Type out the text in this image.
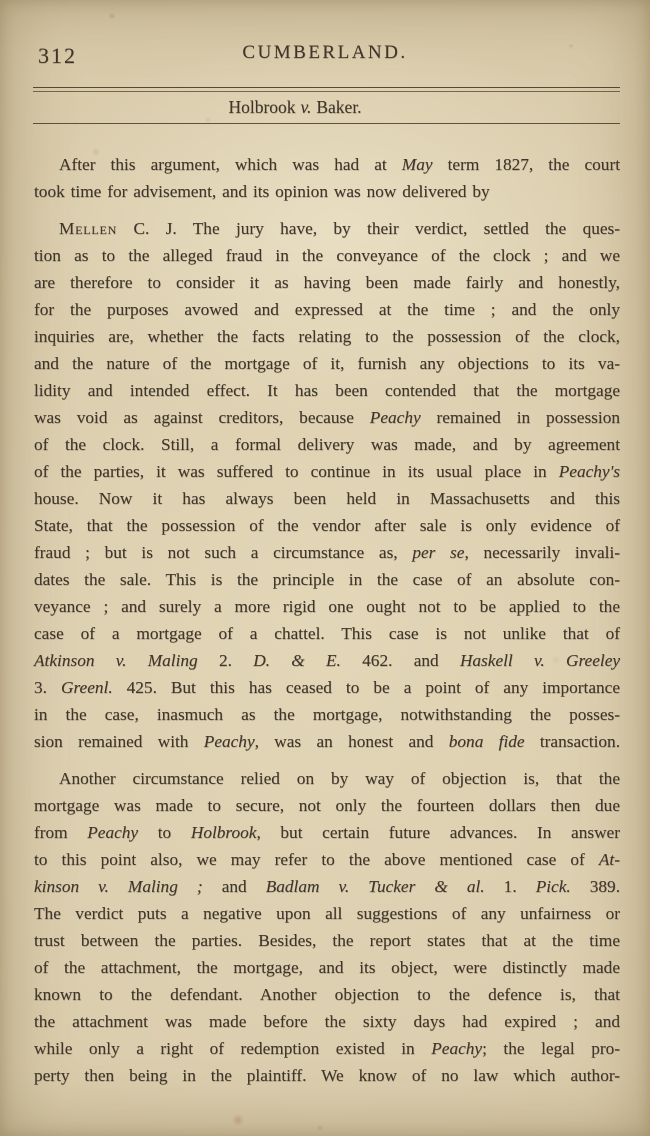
312	CUMBERLAND.
Holbrook v. Baker.
After this argument, which was had at May term 1827, the court
took time for advisement, and its opinion was now delivered by
Mellen C. J. The jury have, by their verdict, settled the ques-
tion as to the alleged fraud in the conveyance of the clock ; and we
are therefore to consider it as having been made fairly and honestly,
for the purposes avowed and expressed at the time ; and the only
inquiries are, whether the facts relating to the possession of the clock,
and the nature of the mortgage of it, furnish any objections to its va-
lidity and intended effect. It has been contended that the mortgage
was void as against creditors, because Peachy remained in possession
of the clock. Still, a formal delivery was made, and by agreement
of the parties, it was suffered to continue in its usual place in Peachy's
house. Now it has always been held in Massachusetts and this
State, that the possession of the vendor after sale is only evidence of
fraud ; but is not such a circumstance as, per se, necessarily invali-
dates the sale. This is the principle in the case of an absolute con-
veyance ; and surely a more rigid one ought not to be applied to the
case of a mortgage of a chattel. This case is not unlike that of
Atkinson v. Maling 2. D. & E. 462. and Haskell v. Greeley
3. Greenl. 425. But this has ceased to be a point of any importance
in the case, inasmuch as the mortgage, notwithstanding the posses-
sion remained with Peachy, was an honest and bona fide transaction.
Another circumstance relied on by way of objection is, that the
mortgage was made to secure, not only the fourteen dollars then due
from Peachy to Holbrook, but certain future advances. In answer
to this point also, we may refer to the above mentioned case of At-
kinson v. Maling ; and Badlam v. Tucker & al. 1. Pick. 389.
The verdict puts a negative upon all suggestions of any unfairness or
trust between the parties. Besides, the report states that at the time
of the attachment, the mortgage, and its object, were distinctly made
known to the defendant. Another objection to the defence is, that
the attachment was made before the sixty days had expired ; and
while only a right of redemption existed in Peachy; the legal pro-
perty then being in the plaintiff. We know of no law which author-
